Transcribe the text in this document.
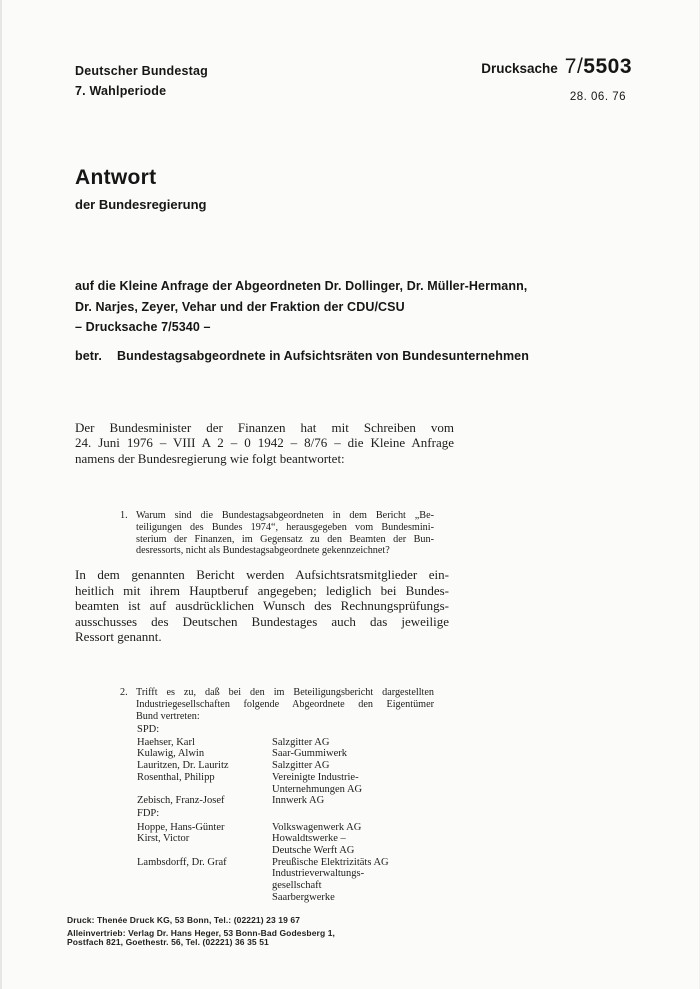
Deutscher Bundestag
7. Wahlperiode
Drucksache 7/5503
28. 06. 76
Antwort
der Bundesregierung
auf die Kleine Anfrage der Abgeordneten Dr. Dollinger, Dr. Müller-Hermann,
Dr. Narjes, Zeyer, Vehar und der Fraktion der CDU/CSU
– Drucksache 7/5340 –
betr.	Bundestagsabgeordnete in Aufsichtsräten von Bundesunternehmen
Der Bundesminister der Finanzen hat mit Schreiben vom
24. Juni 1976 – VIII A 2 – 0 1942 – 8/76 – die Kleine Anfrage
namens der Bundesregierung wie folgt beantwortet:
1. Warum sind die Bundestagsabgeordneten in dem Bericht „Be-
teiligungen des Bundes 1974“, herausgegeben vom Bundesmini-
sterium der Finanzen, im Gegensatz zu den Beamten der Bun-
desressorts, nicht als Bundestagsabgeordnete gekennzeichnet?
In dem genannten Bericht werden Aufsichtsratsmitglieder ein-
heitlich mit ihrem Hauptberuf angegeben; lediglich bei Bundes-
beamten ist auf ausdrücklichen Wunsch des Rechnungsprüfungs-
ausschusses des Deutschen Bundestages auch das jeweilige
Ressort genannt.
2. Trifft es zu, daß bei den im Beteiligungsbericht dargestellten
Industriegesellschaften folgende Abgeordnete den Eigentümer
Bund vertreten:
SPD:
Haehser, Karl	Salzgitter AG
Kulawig, Alwin	Saar-Gummiwerk
Lauritzen, Dr. Lauritz	Salzgitter AG
Rosenthal, Philipp	Vereinigte Industrie-
Unternehmungen AG
Zebisch, Franz-Josef	Innwerk AG
FDP:
Hoppe, Hans-Günter	Volkswagenwerk AG
Kirst, Victor	Howaldtswerke –
Deutsche Werft AG
Lambsdorff, Dr. Graf	Preußische Elektrizitäts AG
Industrieverwaltungs-
gesellschaft
Saarbergwerke
Druck: Thenée Druck KG, 53 Bonn, Tel.: (02221) 23 19 67
Alleinvertrieb: Verlag Dr. Hans Heger, 53 Bonn-Bad Godesberg 1,
Postfach 821, Goethestr. 56, Tel. (02221) 36 35 51
